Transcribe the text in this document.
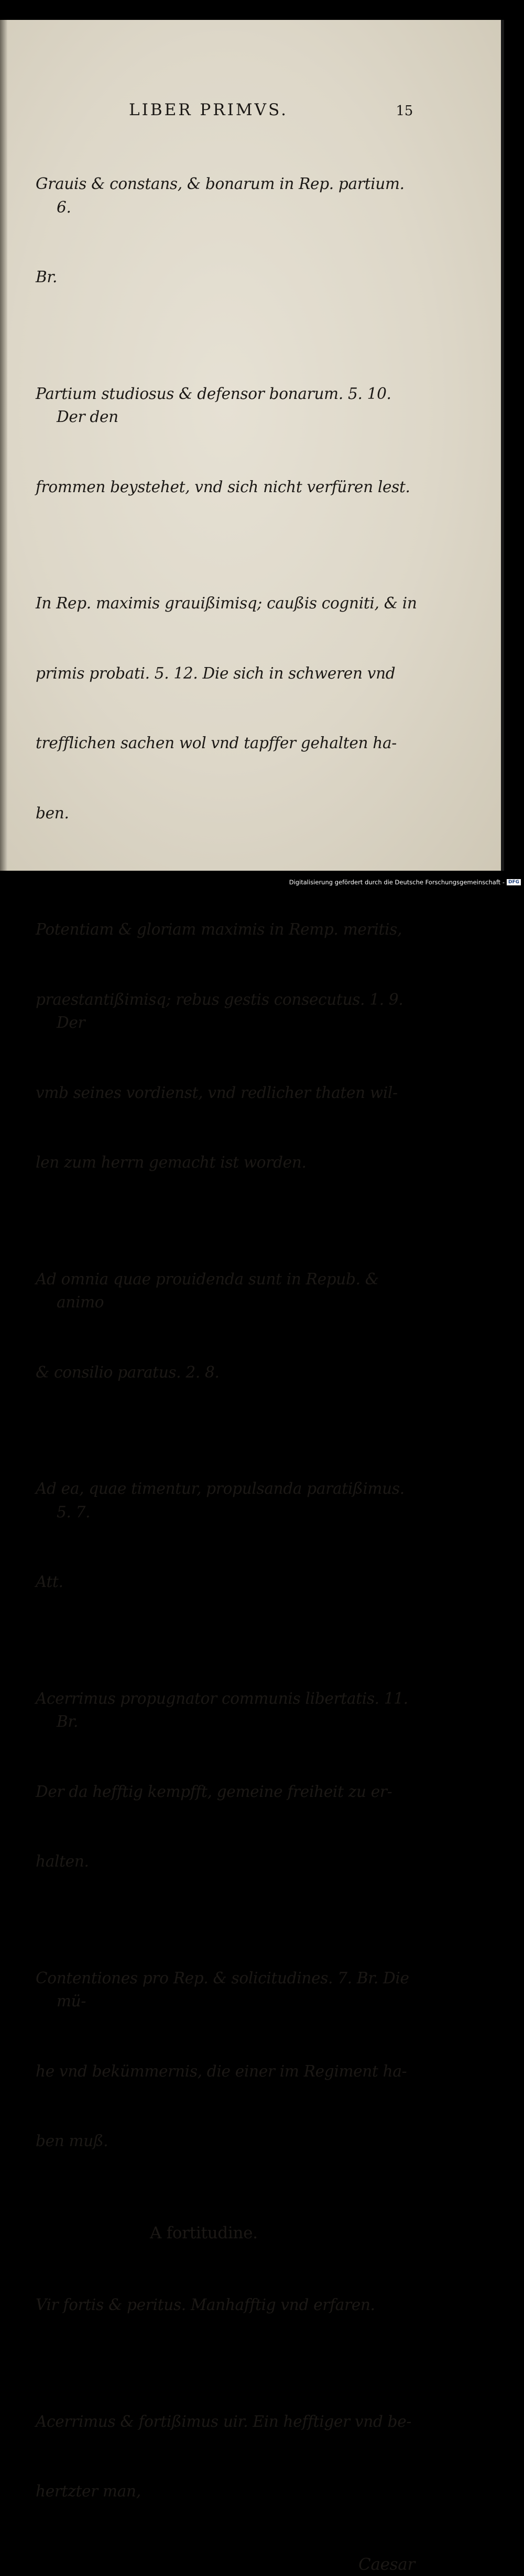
LIBER PRIMVS.	15

Grauis & constans, & bonarum in Rep. partium. 6.

Br.

Partium studiosus & defensor bonarum. 5. 10. Der den

frommen beystehet, vnd sich nicht verfüren lest.

In Rep. maximis grauißimisq; caußis cogniti, & in

primis probati. 5. 12. Die sich in schweren vnd

trefflichen sachen wol vnd tapffer gehalten ha-

ben.

Potentiam & gloriam maximis in Remp. meritis,

praestantißimisq; rebus gestis consecutus. 1. 9. Der

vmb seines vordienst, vnd redlicher thaten wil-

len zum herrn gemacht ist worden.

Ad omnia quae prouidenda sunt in Repub. & animo

& consilio paratus. 2. 8.

Ad ea, quae timentur, propulsanda paratißimus. 5. 7.

Att.

Acerrimus propugnator communis libertatis. 11. Br.

Der da hefftig kempfft, gemeine freiheit zu er-

halten.

Contentiones pro Rep. & solicitudines. 7. Br. Die mü-

he vnd bekümmernis, die einer im Regiment ha-

ben muß.

A fortitudine.

Vir fortis & peritus. Manhafftig vnd erfaren.

Acerrimus & fortißimus uir. Ein hefftiger vnd be-

hertzter man,

Caesar
Digitalisierung gefördert durch die Deutsche Forschungsgemeinschaft - DFG
